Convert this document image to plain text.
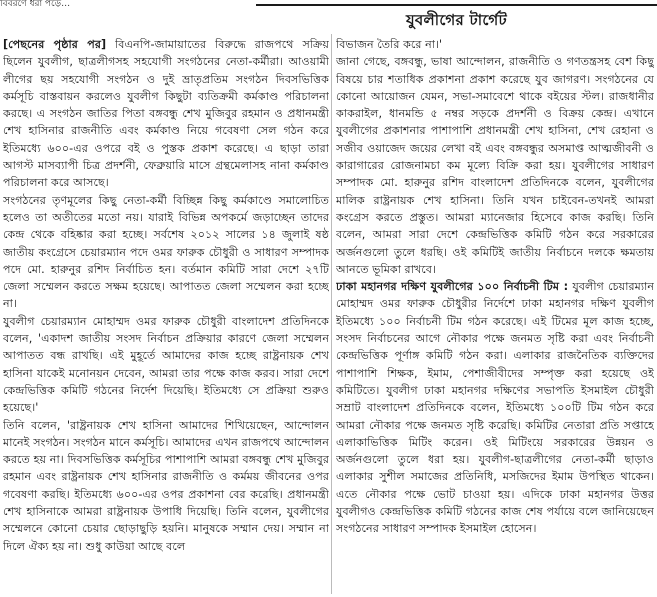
বিবরণে ধরা পড়ে…
যুবলীগের টার্গেট

[পেছনের পৃষ্ঠার পর] বিএনপি-জামায়াতের বিরুদ্ধে রাজপথে সক্রিয় ছিলেন যুবলীগ, ছাত্রলীগসহ সহযোগী সংগঠনের নেতা-কর্মীরা। আওয়ামী লীগের ছয় সহযোগী সংগঠন ও দুই ভ্রাতৃপ্রতিম সংগঠন দিবসভিত্তিক কর্মসূচি বাস্তবায়ন করলেও যুবলীগ কিছুটা ব্যতিক্রমী কর্মকাণ্ড পরিচালনা করছে। এ সংগঠন জাতির পিতা বঙ্গবন্ধু শেখ মুজিবুর রহমান ও প্রধানমন্ত্রী শেখ হাসিনার রাজনীতি এবং কর্মকাণ্ড নিয়ে গবেষণা সেল গঠন করে ইতিমধ্যে ৬০০-এর ওপরে বই ও পুস্তক প্রকাশ করেছে। এ ছাড়া তারা আগস্ট মাসব্যাপী চিত্র প্রদর্শনী, ফেব্রুয়ারি মাসে গ্রন্থমেলাসহ নানা কর্মকাণ্ড পরিচালনা করে আসছে।

সংগঠনের তৃণমূলের কিছু নেতা-কর্মী বিচ্ছিন্ন কিছু কর্মকাণ্ডে সমালোচিত হলেও তা অতীতের মতো নয়। যারাই বিভিন্ন অপকর্মে জড়াচ্ছেন তাদের কেন্দ্র থেকে বহিষ্কার করা হচ্ছে। সর্বশেষ ২০১২ সালের ১৪ জুলাই ষষ্ঠ জাতীয় কংগ্রেসে চেয়ারম্যান পদে ওমর ফারুক চৌধুরী ও সাধারণ সম্পাদক পদে মো. হারুনুর রশিদ নির্বাচিত হন। বর্তমান কমিটি সারা দেশে ২৭টি জেলা সম্মেলন করতে সক্ষম হয়েছে। আপাতত জেলা সম্মেলন করা হচ্ছে না।

যুবলীগ চেয়ারম্যান মোহাম্মদ ওমর ফারুক চৌধুরী বাংলাদেশ প্রতিদিনকে বলেন, 'একাদশ জাতীয় সংসদ নির্বাচন প্রক্রিয়ার কারণে জেলা সম্মেলন আপাতত বন্ধ রাখছি। এই মুহূর্তে আমাদের কাজ হচ্ছে রাষ্ট্রনায়ক শেখ হাসিনা যাকেই মনোনয়ন দেবেন, আমরা তার পক্ষে কাজ করব। সারা দেশে কেন্দ্রভিত্তিক কমিটি গঠনের নির্দেশ দিয়েছি। ইতিমধ্যে সে প্রক্রিয়া শুরুও হয়েছে।'

তিনি বলেন, 'রাষ্ট্রনায়ক শেখ হাসিনা আমাদের শিখিয়েছেন, আন্দোলন মানেই সংগঠন। সংগঠন মানে কর্মসূচি। আমাদের এখন রাজপথে আন্দোলন করতে হয় না। দিবসভিত্তিক কর্মসূচির পাশাপাশি আমরা বঙ্গবন্ধু শেখ মুজিবুর রহমান এবং রাষ্ট্রনায়ক শেখ হাসিনার রাজনীতি ও কর্মময় জীবনের ওপর গবেষণা করছি। ইতিমধ্যে ৬০০-এর ওপর প্রকাশনা বের করেছি। প্রধানমন্ত্রী শেখ হাসিনাকে আমরা রাষ্ট্রনায়ক উপাধি দিয়েছি। তিনি বলেন, যুবলীগের সম্মেলনে কোনো চেয়ার ছোড়াছুড়ি হয়নি। মানুষকে সম্মান দেয়। সম্মান না দিলে ঐক্য হয় না। শুধু কাউয়া আছে বলে

বিভাজন তৈরি করে না।'

জানা গেছে, বঙ্গবন্ধু, ভাষা আন্দোলন, রাজনীতি ও গণতন্ত্রসহ বেশ কিছু বিষয়ে চার শতাধিক প্রকাশনা প্রকাশ করেছে যুব জাগরণ। সংগঠনের যে কোনো আয়োজন যেমন, সভা-সমাবেশে থাকে বইয়ের স্টল। রাজধানীর কাকরাইল, ধানমন্ডি ৫ নম্বর সড়কে প্রদর্শনী ও বিক্রয় কেন্দ্র। এখানে যুবলীগের প্রকাশনার পাশাপাশি প্রধানমন্ত্রী শেখ হাসিনা, শেখ রেহানা ও সজীব ওয়াজেদ জয়ের লেখা বই এবং বঙ্গবন্ধুর অসমাপ্ত আত্মজীবনী ও কারাগারের রোজনামচা কম মূল্যে বিক্রি করা হয়। যুবলীগের সাধারণ সম্পাদক মো. হারুনুর রশিদ বাংলাদেশ প্রতিদিনকে বলেন, যুবলীগের মালিক রাষ্ট্রনায়ক শেখ হাসিনা। তিনি যখন চাইবেন-তখনই আমরা কংগ্রেস করতে প্রস্তুত। আমরা ম্যানেজার হিসেবে কাজ করছি। তিনি বলেন, আমরা সারা দেশে কেন্দ্রভিত্তিক কমিটি গঠন করে সরকারের অর্জনগুলো তুলে ধরছি। ওই কমিটিই জাতীয় নির্বাচনে দলকে ক্ষমতায় আনতে ভূমিকা রাখবে।

ঢাকা মহানগর দক্ষিণ যুবলীগের ১০০ নির্বাচনী টিম : যুবলীগ চেয়ারম্যান মোহাম্মদ ওমর ফারুক চৌধুরীর নির্দেশে ঢাকা মহানগর দক্ষিণ যুবলীগ ইতিমধ্যে ১০০ নির্বাচনী টিম গঠন করেছে। এই টিমের মূল কাজ হচ্ছে, সংসদ নির্বাচনের আগে নৌকার পক্ষে জনমত সৃষ্টি করা এবং নির্বাচনী কেন্দ্রভিত্তিক পূর্ণাঙ্গ কমিটি গঠন করা। এলাকার রাজনৈতিক ব্যক্তিদের পাশাপাশি শিক্ষক, ইমাম, পেশাজীবীদের সম্পৃক্ত করা হয়েছে ওই কমিটিতে। যুবলীগ ঢাকা মহানগর দক্ষিণের সভাপতি ইসমাইল চৌধুরী সম্রাট বাংলাদেশ প্রতিদিনকে বলেন, ইতিমধ্যে ১০০টি টিম গঠন করে আমরা নৌকার পক্ষে জনমত সৃষ্টি করেছি। কমিটির নেতারা প্রতি সপ্তাহে এলাকাভিত্তিক মিটিং করেন। ওই মিটিংয়ে সরকারের উন্নয়ন ও অর্জনগুলো তুলে ধরা হয়। যুবলীগ-ছাত্রলীগের নেতা-কর্মী ছাড়াও এলাকার সুশীল সমাজের প্রতিনিধি, মসজিদের ইমাম উপস্থিত থাকেন। এতে নৌকার পক্ষে ভোট চাওয়া হয়। এদিকে ঢাকা মহানগর উত্তর যুবলীগও কেন্দ্রভিত্তিক কমিটি গঠনের কাজ শেষ পর্যায়ে বলে জানিয়েছেন সংগঠনের সাধারণ সম্পাদক ইসমাইল হোসেন।
